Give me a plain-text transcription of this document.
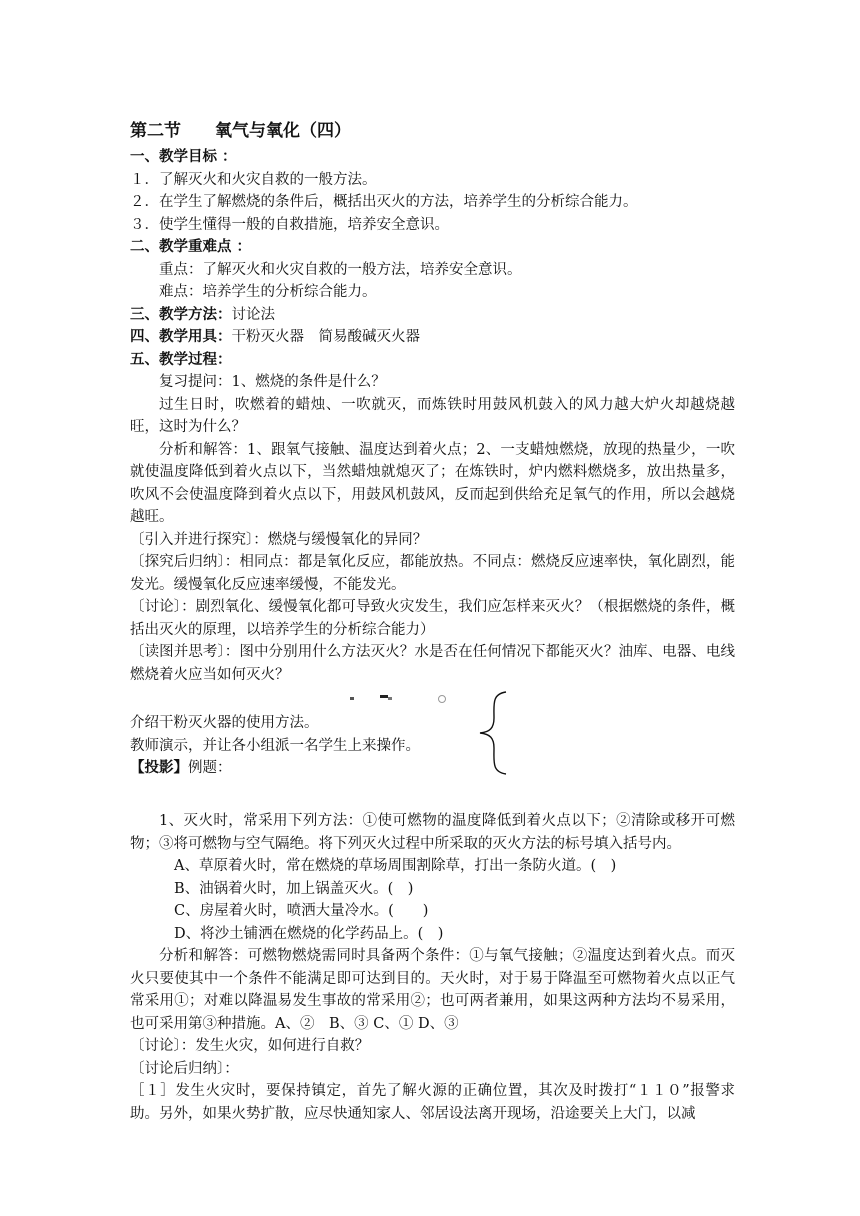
第二节　　氧气与氧化（四）
一、教学目标 ：
１．了解灭火和火灾自救的一般方法。
２．在学生了解燃烧的条件后，概括出灭火的方法，培养学生的分析综合能力。
３．使学生懂得一般的自救措施，培养安全意识。
二、教学重难点 ：
重点：了解灭火和火灾自救的一般方法，培养安全意识。
难点：培养学生的分析综合能力。
三、教学方法：讨论法
四、教学用具：干粉灭火器　简易酸碱灭火器
五、教学过程：
复习提问：1、燃烧的条件是什么？
过生日时，吹燃着的蜡烛、一吹就灭，而炼铁时用鼓风机鼓入的风力越大炉火却越烧越旺，这时为什么？
分析和解答：1、跟氧气接触、温度达到着火点；2、一支蜡烛燃烧，放现的热量少，一吹就使温度降低到着火点以下，当然蜡烛就熄灭了；在炼铁时，炉内燃料燃烧多，放出热量多，吹风不会使温度降到着火点以下，用鼓风机鼓风，反而起到供给充足氧气的作用，所以会越烧越旺。
〔引入并进行探究〕：燃烧与缓慢氧化的异同？
〔探究后归纳〕：相同点：都是氧化反应，都能放热。不同点：燃烧反应速率快，氧化剧烈，能发光。缓慢氧化反应速率缓慢，不能发光。
〔讨论〕：剧烈氧化、缓慢氧化都可导致火灾发生，我们应怎样来灭火？（根据燃烧的条件，概括出灭火的原理，以培养学生的分析综合能力）
〔读图并思考〕：图中分别用什么方法灭火？水是否在任何情况下都能灭火？油库、电器、电线燃烧着火应当如何灭火？
介绍干粉灭火器的使用方法。
教师演示，并让各小组派一名学生上来操作。
【投影】例题：
1、灭火时，常采用下列方法：①使可燃物的温度降低到着火点以下；②清除或移开可燃物；③将可燃物与空气隔绝。将下列灭火过程中所采取的灭火方法的标号填入括号内。
A、草原着火时，常在燃烧的草场周围割除草，打出一条防火道。(　)
B、油锅着火时，加上锅盖灭火。(　)
C、房屋着火时，喷洒大量冷水。(　　)
D、将沙土铺洒在燃烧的化学药品上。(　)
分析和解答：可燃物燃烧需同时具备两个条件：①与氧气接触；②温度达到着火点。而灭火只要使其中一个条件不能满足即可达到目的。天火时，对于易于降温至可燃物着火点以正气常采用①；对难以降温易发生事故的常采用②；也可两者兼用，如果这两种方法均不易采用，也可采用第③种措施。A、②　B、③ C、① D、③
〔讨论〕：发生火灾，如何进行自救？
〔讨论后归纳〕：
［１］发生火灾时，要保持镇定，首先了解火源的正确位置，其次及时拨打“１１０”报警求助。另外，如果火势扩散，应尽快通知家人、邻居设法离开现场，沿途要关上大门，以减
